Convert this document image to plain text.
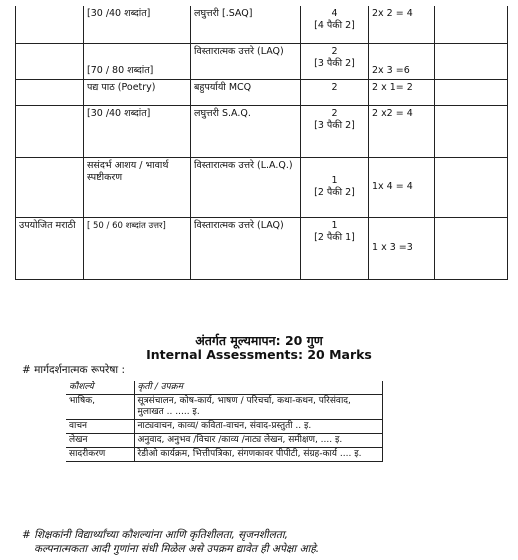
	[30 /40 शब्दांत]	लघुत्तरी [.SAQ]	4
[4 पैकी 2]	2x 2 = 4	
	[70 / 80 शब्दांत]	विस्तारात्मक उत्तरे (LAQ)	2
[3 पैकी 2]	2x 3 =6	
	पद्य पाठ (Poetry)	बहुपर्यायी MCQ	2	2 x 1= 2	
	[30 /40 शब्दांत]	लघुत्तरी S.A.Q.	2
[3 पैकी 2]	2 x2 = 4	
	ससंदर्भ आशय / भावार्थ स्पष्टीकरण	विस्तारात्मक उत्तरे (L.A.Q.)	1
[2 पैकी 2]	1x 4 = 4	
उपयोजित मराठी	[ 50 / 60 शब्दांत उत्तर]	विस्तारात्मक उत्तरे (LAQ)	1
[2 पैकी 1]	1 x 3 =3	
अंतर्गत मूल्यमापन: 20 गुण
Internal Assessments: 20 Marks
# मार्गदर्शनात्मक रूपरेषा :
कौशल्ये	कृती / उपक्रम
भाषिक,	सूत्रसंचालन, कोष-कार्य, भाषण / परिचर्चा, कथा-कथन, परिसंवाद, मुलाखत .. ..... इ.
वाचन	नाट्यवाचन, काव्य/ कविता-वाचन, संवाद-प्रस्तुती .. इ.
लेखन	अनुवाद, अनुभव /विचार /काव्य /नाट्य लेखन, समीक्षण, .... इ.
सादरीकरण	रेडीओ कार्यक्रम, भित्तीपत्रिका, संगणकावर पीपीटी, संग्रह-कार्य .... इ.
# शिक्षकांनी विद्यार्थ्यांच्या कौशल्यांना आणि कृतिशीलता, सृजनशीलता,
कल्पनात्मकता आदी गुणांना संधी मिळेल असे उपक्रम द्यावेत ही अपेक्षा आहे.
